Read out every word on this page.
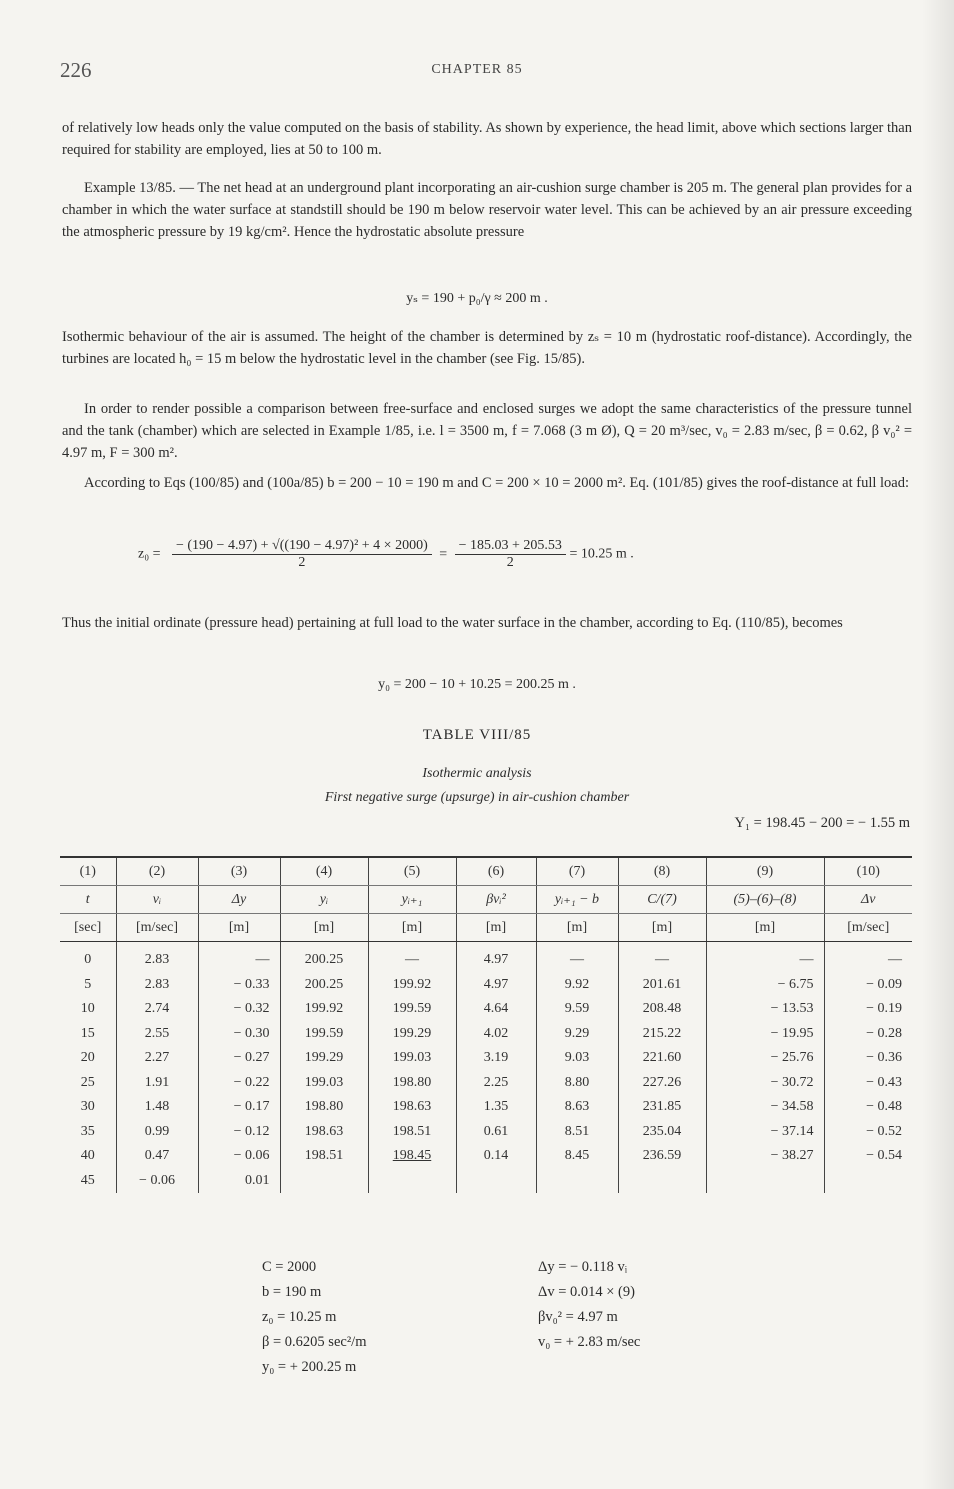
226	CHAPTER 85

of relatively low heads only the value computed on the basis of stability. As shown by experience, the head limit, above which sections larger than required for stability are employed, lies at 50 to 100 m.

Example 13/85. — The net head at an underground plant incorporating an air-cushion surge chamber is 205 m. The general plan provides for a chamber in which the water surface at standstill should be 190 m below reservoir water level. This can be achieved by an air pressure exceeding the atmospheric pressure by 19 kg/cm². Hence the hydrostatic absolute pressure

yₛ = 190 + p₀/γ ≈ 200 m .

Isothermic behaviour of the air is assumed. The height of the chamber is determined by zₛ = 10 m (hydrostatic roof-distance). Accordingly, the turbines are located h₀ = 15 m below the hydrostatic level in the chamber (see Fig. 15/85).

In order to render possible a comparison between free-surface and enclosed surges we adopt the same characteristics of the pressure tunnel and the tank (chamber) which are selected in Example 1/85, i.e. l = 3500 m, f = 7.068 (3 m Ø), Q = 20 m³/sec, v₀ = 2.83 m/sec, β = 0.62, β v₀² = 4.97 m, F = 300 m².

According to Eqs (100/85) and (100a/85) b = 200 − 10 = 190 m and C = 200 × 10 = 2000 m². Eq. (101/85) gives the roof-distance at full load:

$z_0 = \frac{\text{− (190 − 4.97) + √((190 − 4.97)² + 4 × 2000)}}{2} = \frac{- 185.03 + 205.53}{2} = 10.25$ m .

Thus the initial ordinate (pressure head) pertaining at full load to the water surface in the chamber, according to Eq. (110/85), becomes

y₀ = 200 − 10 + 10.25 = 200.25 m .
TABLE VIII/85
Isothermic analysis
First negative surge (upsurge) in air-cushion chamber
Y₁ = 198.45 − 200 = − 1.55 m
(1)	(2)	(3)	(4)	(5)	(6)	(7)	(8)	(9)	(10)
t	vᵢ	Δy	yᵢ	yᵢ₊₁	βvᵢ²	yᵢ₊₁ − b	C/(7)	(5)–(6)–(8)	Δv
[sec]	[m/sec]	[m]	[m]	[m]	[m]	[m]	[m]	[m]	[m/sec]
0	2.83	—	200.25	—	4.97	—	—	—	—
5	2.83	− 0.33	200.25	199.92	4.97	9.92	201.61	− 6.75	− 0.09
10	2.74	− 0.32	199.92	199.59	4.64	9.59	208.48	− 13.53	− 0.19
15	2.55	− 0.30	199.59	199.29	4.02	9.29	215.22	− 19.95	− 0.28
20	2.27	− 0.27	199.29	199.03	3.19	9.03	221.60	− 25.76	− 0.36
25	1.91	− 0.22	199.03	198.80	2.25	8.80	227.26	− 30.72	− 0.43
30	1.48	− 0.17	198.80	198.63	1.35	8.63	231.85	− 34.58	− 0.48
35	0.99	− 0.12	198.63	198.51	0.61	8.51	235.04	− 37.14	− 0.52
40	0.47	− 0.06	198.51	198.45	0.14	8.45	236.59	− 38.27	− 0.54
45	− 0.06	0.01							
C = 2000
b = 190 m
z₀ = 10.25 m
β = 0.6205 sec²/m
y₀ = + 200.25 m
Δy = − 0.118 vᵢ
Δv = 0.014 × (9)
βv₀² = 4.97 m
v₀ = + 2.83 m/sec
